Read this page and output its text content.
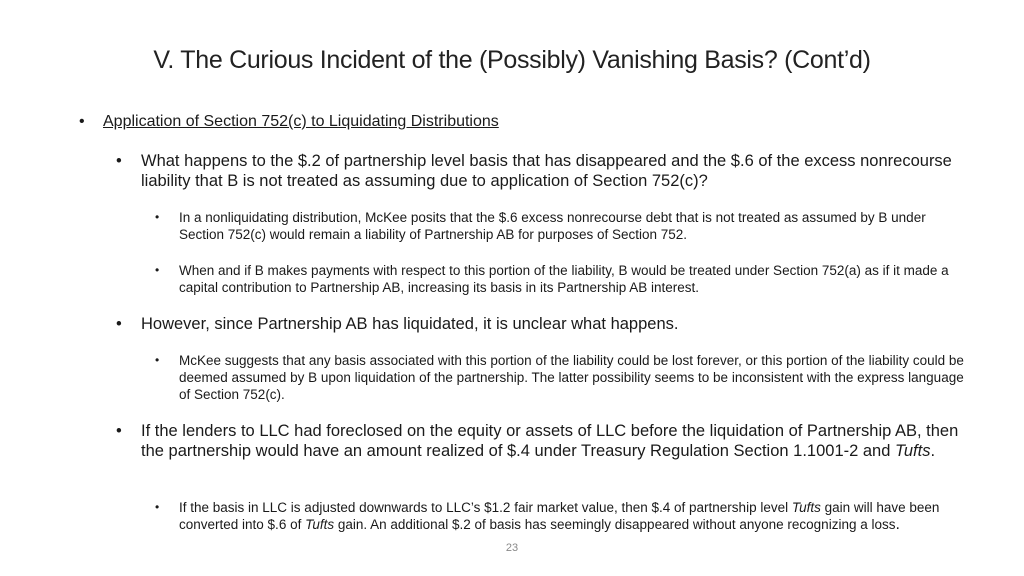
V. The Curious Incident of the (Possibly) Vanishing Basis? (Cont’d)
• Application of Section 752(c) to Liquidating Distributions
• What happens to the $.2 of partnership level basis that has disappeared and the $.6 of the excess nonrecourse liability that B is not treated as assuming due to application of Section 752(c)?
• In a nonliquidating distribution, McKee posits that the $.6 excess nonrecourse debt that is not treated as assumed by B under Section 752(c) would remain a liability of Partnership AB for purposes of Section 752.
• When and if B makes payments with respect to this portion of the liability, B would be treated under Section 752(a) as if it made a capital contribution to Partnership AB, increasing its basis in its Partnership AB interest.
• However, since Partnership AB has liquidated, it is unclear what happens.
• McKee suggests that any basis associated with this portion of the liability could be lost forever, or this portion of the liability could be deemed assumed by B upon liquidation of the partnership. The latter possibility seems to be inconsistent with the express language of Section 752(c).
• If the lenders to LLC had foreclosed on the equity or assets of LLC before the liquidation of Partnership AB, then the partnership would have an amount realized of $.4 under Treasury Regulation Section 1.1001-2 and Tufts.
• If the basis in LLC is adjusted downwards to LLC’s $1.2 fair market value, then $.4 of partnership level Tufts gain will have been converted into $.6 of Tufts gain. An additional $.2 of basis has seemingly disappeared without anyone recognizing a loss.
23
